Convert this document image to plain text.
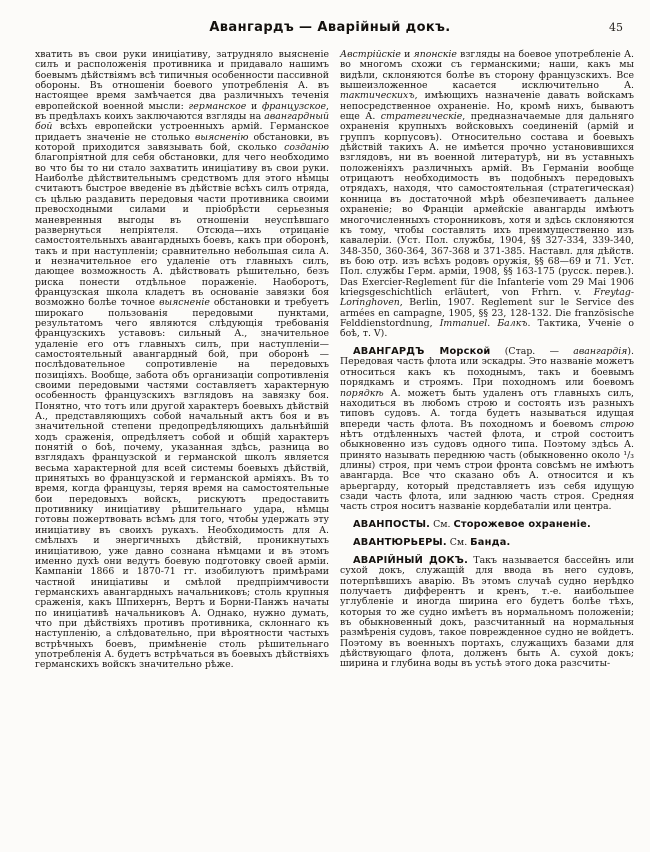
Авангардъ — Аварійный докъ.	45

хватить въ свои руки иниціативу, затрудняло выясненіе силъ и расположенія противника и придавало нашимъ боевымъ дѣйствіямъ всѣ типичныя особенности пассивной обороны. Въ отношеніи боевого употребленія А. въ настоящее время замѣчается два различныхъ теченія европейской военной мысли: германское и французское, въ предѣлахъ коихъ заключаются взгляды на авангардный бой всѣхъ европейски устроенныхъ армій. Германское придаетъ значеніе не столько выясненію обстановки, въ которой приходится завязывать бой, сколько созданію благопріятной для себя обстановки, для чего необходимо во что бы то ни стало захватить иниціативу въ свои руки. Наиболѣе дѣйствительнымъ средствомъ для этого нѣмцы считаютъ быстрое введеніе въ дѣйствіе всѣхъ силъ отряда, съ цѣлью раздавить передовыя части противника своими превосходными силами и пріобрѣсти серьезныя маневренныя выгоды въ отношеніи неуспѣвшаго развернуться непріятеля. Отсюда—ихъ отрицаніе самостоятельныхъ авангардныхъ боевъ, какъ при оборонѣ, такъ и при наступленіи; сравнительно небольшая сила А. и незначительное его удаленіе отъ главныхъ силъ, дающее возможность А. дѣйствовать рѣшительно, безъ риска понести отдѣльное пораженіе. Наоборотъ, французская школа кладетъ въ основаніе завязки боя возможно болѣе точное выясненіе обстановки и требуетъ широкаго пользованія передовыми пунктами, результатомъ чего являются слѣдующія требованія французскихъ уставовъ: сильный А., значительное удаленіе его отъ главныхъ силъ, при наступленіи—самостоятельный авангардный бой, при оборонѣ — послѣдовательное сопротивленіе на передовыхъ позиціяхъ. Вообще, забота объ организаціи сопротивленія своими передовыми частями составляетъ характерную особенность французскихъ взглядовъ на завязку боя. Понятно, что тотъ или другой характеръ боевыхъ дѣйствій А., представляющихъ собой начальный актъ боя и въ значительной степени предопредѣляющихъ дальнѣйшій ходъ сраженія, опредѣляетъ собой и общій характеръ понятій о боѣ, почему, указанная здѣсь, разница во взглядахъ французской и германской школъ является весьма характерной для всей системы боевыхъ дѣйствій, принятыхъ во французской и германской арміяхъ. Въ то время, когда французы, теряя время на самостоятельные бои передовыхъ войскъ, рискуютъ предоставить противнику иниціативу рѣшительнаго удара, нѣмцы готовы пожертвовать всѣмъ для того, чтобы удержать эту иниціативу въ своихъ рукахъ. Необходимость для А. смѣлыхъ и энергичныхъ дѣйствій, проникнутыхъ иниціативою, уже давно сознана нѣмцами и въ этомъ именно духѣ они ведутъ боевую подготовку своей арміи. Кампаніи 1866 и 1870-71 гг. изобилуютъ примѣрами частной иниціативы и смѣлой предпріимчивости германскихъ авангардныхъ начальниковъ; столь крупныя сраженія, какъ Шпихернъ, Вертъ и Борни-Панжъ начаты по иниціативѣ начальниковъ А. Однако, нужно думать, что при дѣйствіяхъ противъ противника, склоннаго къ наступленію, а слѣдовательно, при вѣроятности частыхъ встрѣчныхъ боевъ, примѣненіе столь рѣшительнаго употребленія А. будетъ встрѣчаться въ боевыхъ дѣйствіяхъ германскихъ войскъ значительно рѣже.

Австрійскіе и японскіе взгляды на боевое употребленіе А. во многомъ схожи съ германскими; наши, какъ мы видѣли, склоняются болѣе въ сторону французскихъ. Все вышеизложенное касается исключительно А. тактическихъ, имѣющихъ назначеніе давать войскамъ непосредственное охраненіе. Но, кромѣ нихъ, бываютъ еще А. стратегическіе, предназначаемые для дальняго охраненія крупныхъ войсковыхъ соединеній (армій и группъ корпусовъ). Относительно состава и боевыхъ дѣйствій такихъ А. не имѣется прочно установившихся взглядовъ, ни въ военной литературѣ, ни въ уставныхъ положеніяхъ различныхъ армій. Въ Германіи вообще отрицаютъ необходимость въ подобныхъ передовыхъ отрядахъ, находя, что самостоятельная (стратегическая) конница въ достаточной мѣрѣ обезпечиваетъ дальнее охраненіе; во Франціи армейскіе авангарды имѣютъ многочисленныхъ сторонниковъ, хотя и здѣсь склоняются къ тому, чтобы составлять ихъ преимущественно изъ кавалеріи. (Уст. Пол. службы, 1904, §§ 327-334, 339-340, 348-350, 360-364, 367-368 и 371-385. Наставл. для дѣйств. въ бою отр. изъ всѣхъ родовъ оружія, §§ 68—69 и 71. Уст. Пол. службы Герм. арміи, 1908, §§ 163-175 (русск. перев.). Das Exercier-Reglement für die Infanterie vom 29 Mai 1906 kriegsgeschichtlich erläutert, von Frhrn. v. Freytag-Loringhoven, Berlin, 1907. Reglement sur le Service des armées en campagne, 1905, §§ 23, 128-132. Die französische Felddienstordnung, Immanuel. Балкъ. Тактика, Ученіе о боѣ, т. V).

АВАНГАРДЪ Морской (Стар. — авангардія). Передовая часть флота или эскадры. Это названіе можетъ относиться какъ къ походнымъ, такъ и боевымъ порядкамъ и строямъ. При походномъ или боевомъ порядкѣ А. можетъ быть удаленъ отъ главныхъ силъ, находиться въ любомъ строю и состоять изъ разныхъ типовъ судовъ. А. тогда будетъ называться идущая впереди часть флота. Въ походномъ и боевомъ строю нѣтъ отдѣленныхъ частей флота, и строй состоитъ обыкновенно изъ судовъ одного типа. Поэтому здѣсь А. принято называть переднюю часть (обыкновенно около ¹/₃ длины) строя, при чемъ строи фронта совсѣмъ не имѣютъ авангарда. Все что сказано объ А. относится и къ арьергарду, который представляетъ изъ себя идущую сзади часть флота, или заднюю часть строя. Средняя часть строя носитъ названіе кордебаталіи или центра.

АВАНПОСТЫ. См. Сторожевое охраненіе.

АВАНТЮРЬЕРЫ. См. Банда.

АВАРІЙНЫЙ ДОКЪ. Такъ называется бассейнъ или сухой докъ, служащій для ввода въ него судовъ, потерпѣвшихъ аварію. Въ этомъ случаѣ судно нерѣдко получаетъ дифферентъ и кренъ, т.-е. наибольшее углубленіе и иногда ширина его будетъ болѣе тѣхъ, которыя то же судно имѣетъ въ нормальномъ положеніи; въ обыкновенный докъ, разсчитанный на нормальныя размѣренія судовъ, такое поврежденное судно не войдетъ. Поэтому въ военныхъ портахъ, служащихъ базами для дѣйствующаго флота, долженъ быть А. сухой докъ; ширина и глубина воды въ устьѣ этого дока разсчиты-
